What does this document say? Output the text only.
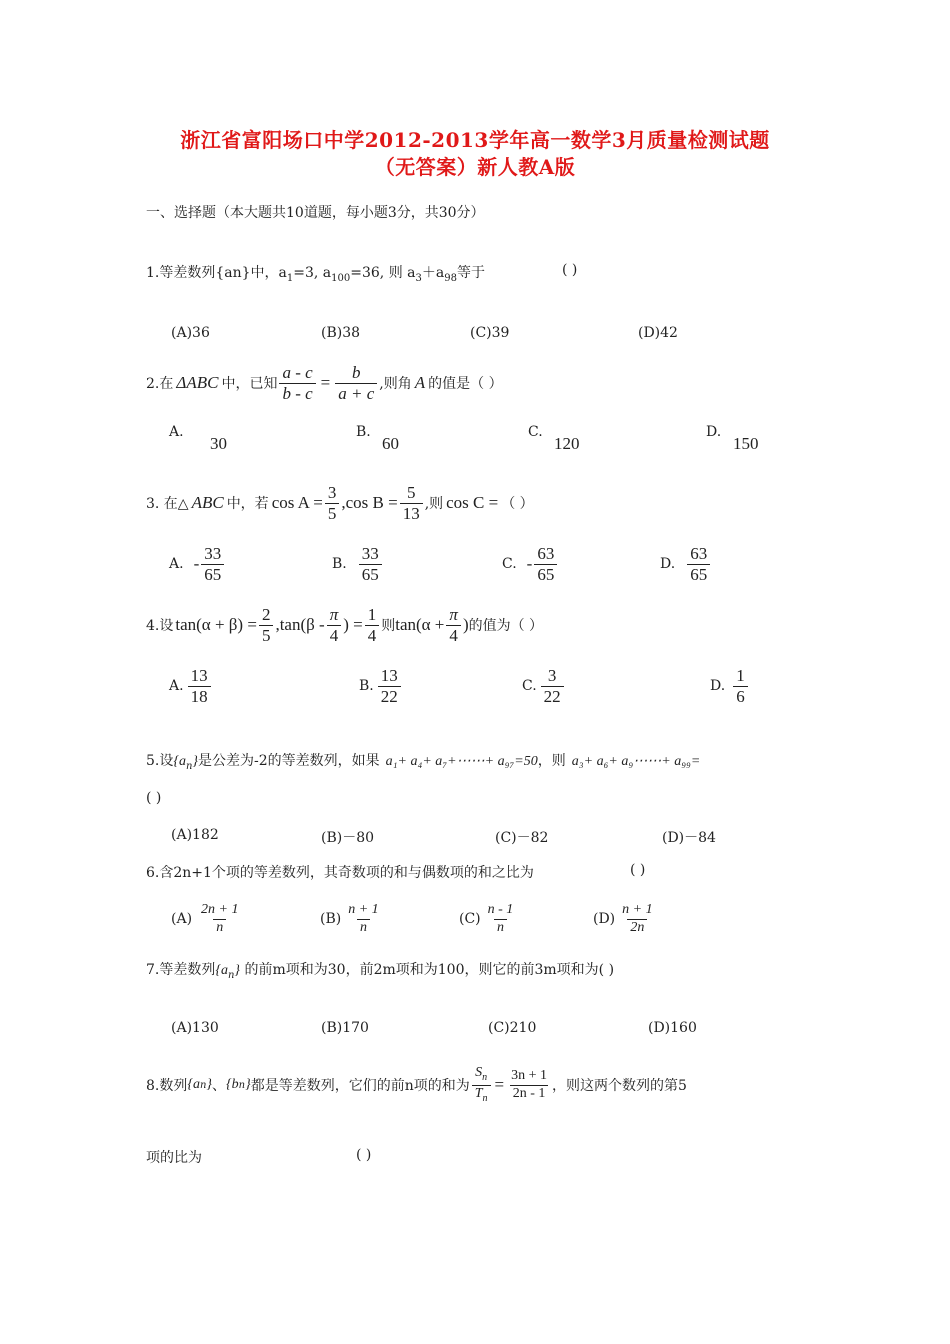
浙江省富阳场口中学2012-2013学年高一数学3月质量检测试题
（无答案）新人教A版
一、选择题（本大题共10道题，每小题3分，共30分）
1.等差数列{an}中，$a_1=3$, $a_{100}=36$, 则 $a_3+a_{98}$等于	( )
(A)36	(B)38	(C)39	(D)42
2.在 ΔABC 中，已知 $\frac{a - c}{b - c} = \frac{b}{a + c}$ ,则角 A 的值是（ ）
A.
30
B.
60
C.
120
D.
150
3. 在△ ABC 中，若 $\cos A = \frac{3}{5} ,\cos$ $B = \frac{5}{13}$ ,则 cos C = （ ）
A. - $\frac{33}{65}$	B. $\frac{33}{65}$	C. - $\frac{63}{65}$	D. $\frac{63}{65}$
4.设 $\tan(\alpha + \beta) = \frac{2}{5} ,\tan(\beta - \frac{\pi}{4}$ ) = $\frac{1}{4}$ 则 $\tan(\alpha + \frac{\pi}{4}$ ) 的值为（ ）
A. $\frac{13}{18}$	B. $\frac{13}{22}$	C. $\frac{3}{22}$	D. $\frac{1}{6}$
5.设$\{a_n\}$是公差为-2的等差数列，如果 a₁+ a₄+ a₇+⋯⋯+ a₉₇=50，则 a₃+ a₆+ a₉⋯⋯+ a₉₉=
( )
(A)182	(B)－80	(C)－82	(D)－84
6.含2n+1个项的等差数列，其奇数项的和与偶数项的和之比为	( )
$(A) \frac{2n + 1}{n}$	$(B) \frac{n + 1}{n}$	$(C) \frac{n - 1}{n}$	$(D) \frac{n + 1}{2n}$
7.等差数列$\{a_n\}$ 的前m项和为30，前2m项和为100，则它的前3m项和为( )
(A)130	(B)170	(C)210	(D)160
8.数列 {a n } 、 {b n } 都是等差数列，它们的前n项的和为 $\frac{S_n}{T_n} = \frac{3n + 1}{2n - 1}$ ，则这两个数列的第5
项的比为	( )
